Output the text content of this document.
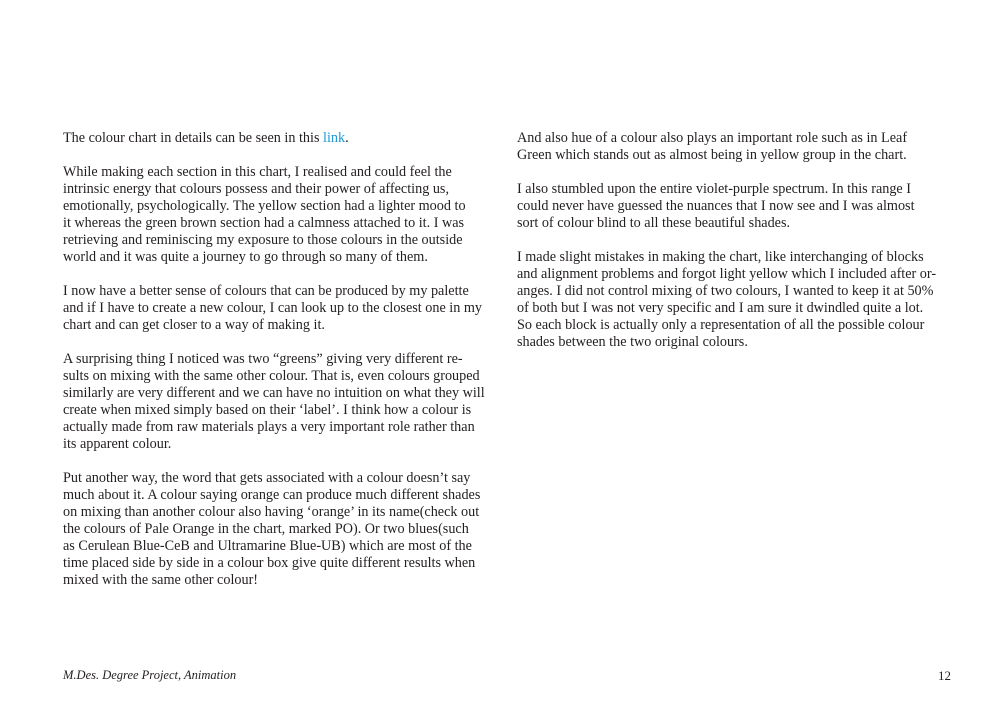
The colour chart in details can be seen in this link.

While making each section in this chart, I realised and could feel the
intrinsic energy that colours possess and their power of affecting us,
emotionally, psychologically. The yellow section had a lighter mood to
it whereas the green brown section had a calmness attached to it. I was
retrieving and reminiscing my exposure to those colours in the outside
world and it was quite a journey to go through so many of them.

I now have a better sense of colours that can be produced by my palette
and if I have to create a new colour, I can look up to the closest one in my
chart and can get closer to a way of making it.

A surprising thing I noticed was two “greens” giving very different re-
sults on mixing with the same other colour. That is, even colours grouped
similarly are very different and we can have no intuition on what they will
create when mixed simply based on their ‘label’. I think how a colour is
actually made from raw materials plays a very important role rather than
its apparent colour.

Put another way, the word that gets associated with a colour doesn’t say
much about it. A colour saying orange can produce much different shades
on mixing than another colour also having ‘orange’ in its name(check out
the colours of Pale Orange in the chart, marked PO). Or two blues(such
as Cerulean Blue-CeB and Ultramarine Blue-UB) which are most of the
time placed side by side in a colour box give quite different results when
mixed with the same other colour!

And also hue of a colour also plays an important role such as in Leaf
Green which stands out as almost being in yellow group in the chart.

I also stumbled upon the entire violet-purple spectrum. In this range I
could never have guessed the nuances that I now see and I was almost
sort of colour blind to all these beautiful shades.

I made slight mistakes in making the chart, like interchanging of blocks
and alignment problems and forgot light yellow which I included after or-
anges. I did not control mixing of two colours, I wanted to keep it at 50%
of both but I was not very specific and I am sure it dwindled quite a lot.
So each block is actually only a representation of all the possible colour
shades between the two original colours.

M.Des. Degree Project, Animation	12
